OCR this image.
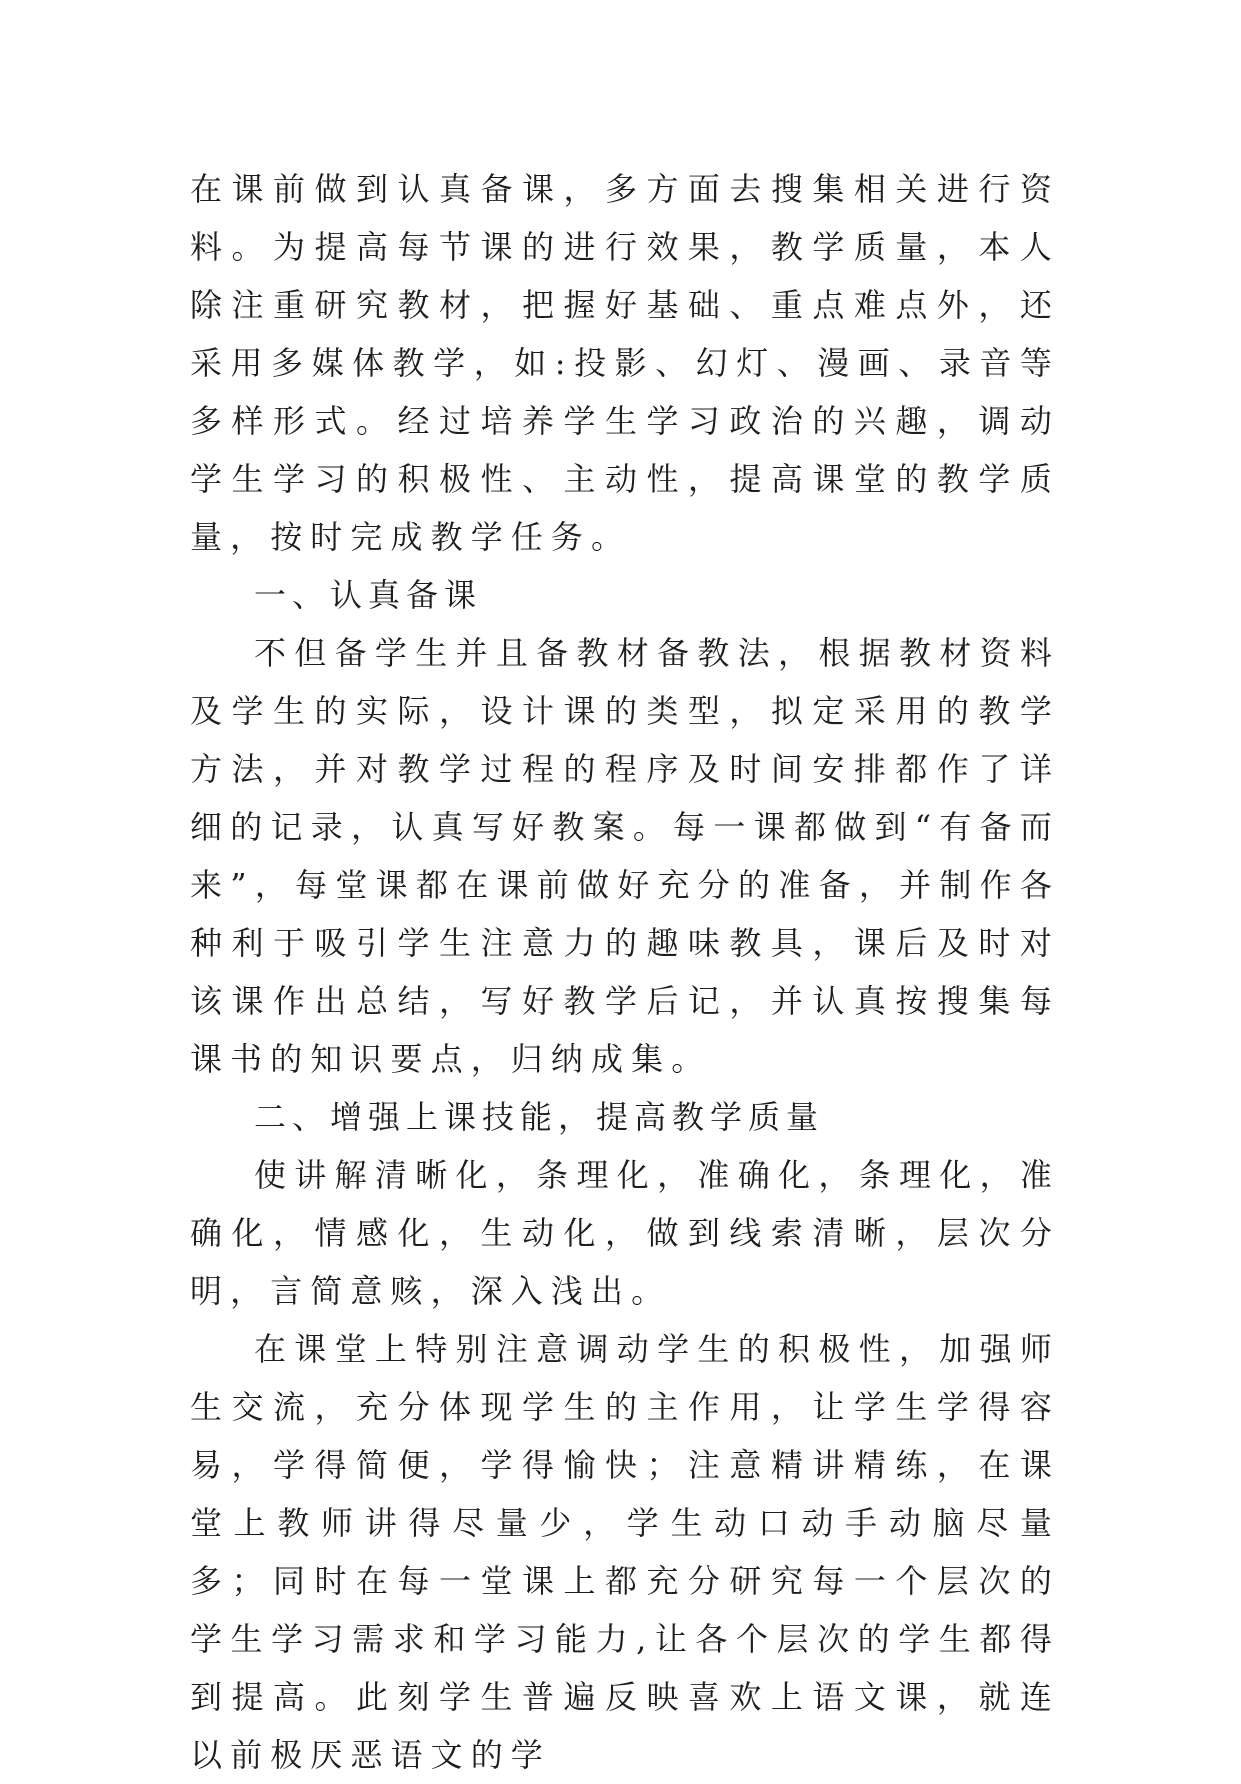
在课前做到认真备课，多方面去搜集相关进行资料。为提高每节课的进行效果，教学质量，本人除注重研究教材，把握好基础、重点难点外，还采用多媒体教学，如:投影、幻灯、漫画、录音等多样形式。经过培养学生学习政治的兴趣，调动学生学习的积极性、主动性，提高课堂的教学质量，按时完成教学任务。

一、认真备课

不但备学生并且备教材备教法，根据教材资料及学生的实际，设计课的类型，拟定采用的教学方法，并对教学过程的程序及时间安排都作了详细的记录，认真写好教案。每一课都做到“有备而来”，每堂课都在课前做好充分的准备，并制作各种利于吸引学生注意力的趣味教具，课后及时对该课作出总结，写好教学后记，并认真按搜集每课书的知识要点，归纳成集。

二、增强上课技能，提高教学质量

使讲解清晰化，条理化，准确化，条理化，准确化，情感化，生动化，做到线索清晰，层次分明，言简意赅，深入浅出。

在课堂上特别注意调动学生的积极性，加强师生交流，充分体现学生的主作用，让学生学得容易，学得简便，学得愉快；注意精讲精练，在课堂上教师讲得尽量少，学生动口动手动脑尽量多；同时在每一堂课上都充分研究每一个层次的学生学习需求和学习能力,让各个层次的学生都得到提高。此刻学生普遍反映喜欢上语文课，就连以前极厌恶语文的学
